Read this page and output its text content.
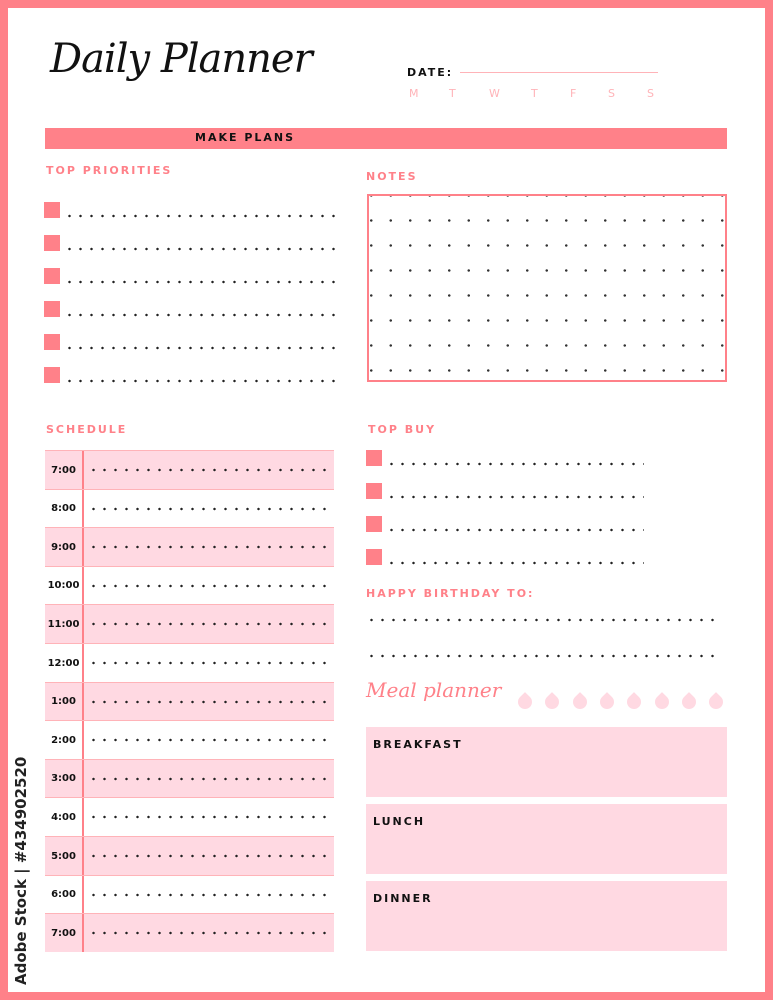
Daily Planner	DATE:
M	T	W	T	F	S	S
MAKE PLANS
TOP PRIORITIES	NOTES
SCHEDULE
7:00
8:00
9:00
10:00
11:00
12:00
1:00
2:00
3:00
4:00
5:00
6:00
7:00
TOP BUY
HAPPY BIRTHDAY TO:
Meal planner
BREAKFAST
LUNCH
DINNER
Adobe Stock | #434902520
